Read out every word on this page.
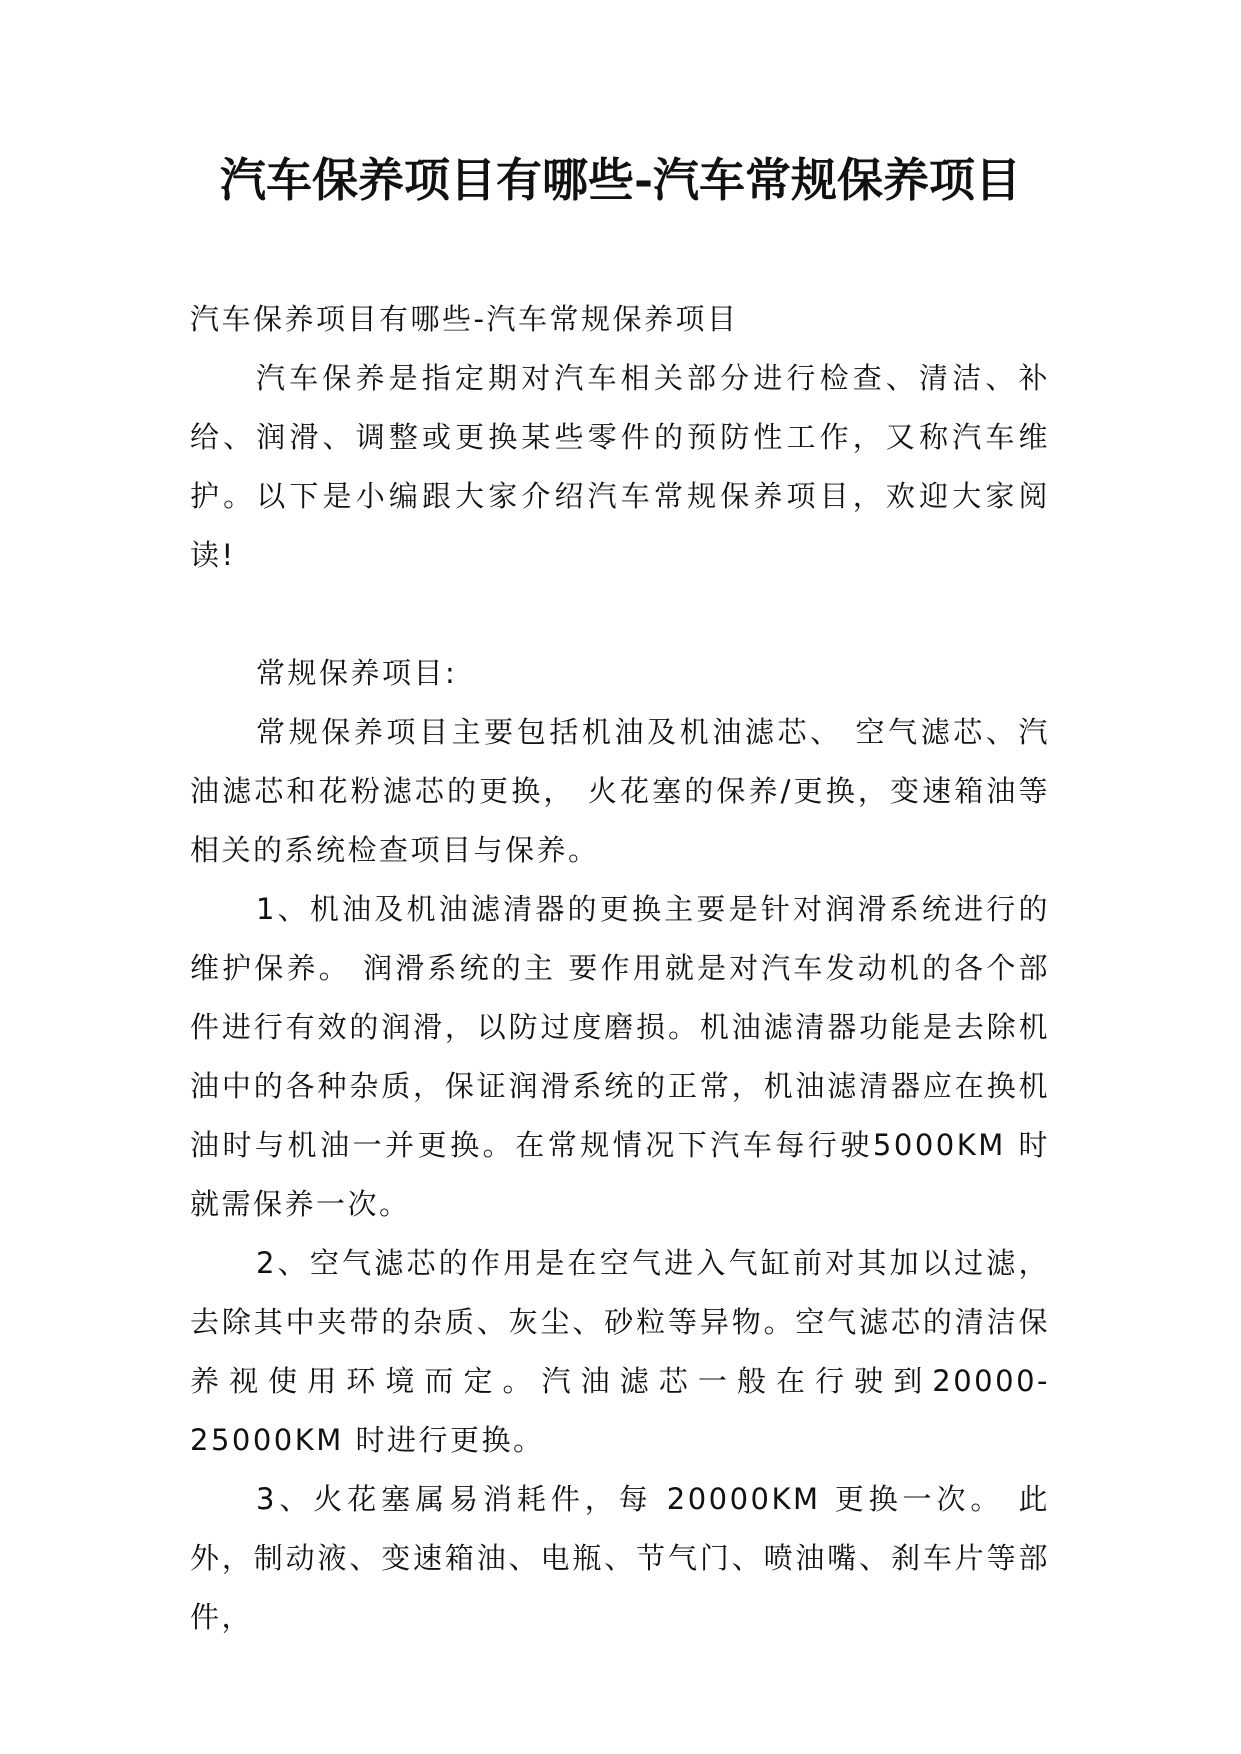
汽车保养项目有哪些-汽车常规保养项目

汽车保养项目有哪些-汽车常规保养项目

汽车保养是指定期对汽车相关部分进行检查、清洁、补给、润滑、调整或更换某些零件的预防性工作，又称汽车维护。以下是小编跟大家介绍汽车常规保养项目，欢迎大家阅读!

常规保养项目:

常规保养项目主要包括机油及机油滤芯、 空气滤芯、汽油滤芯和花粉滤芯的更换， 火花塞的保养/更换，变速箱油等相关的系统检查项目与保养。

1、机油及机油滤清器的更换主要是针对润滑系统进行的维护保养。 润滑系统的主 要作用就是对汽车发动机的各个部件进行有效的润滑，以防过度磨损。机油滤清器功能是去除机油中的各种杂质，保证润滑系统的正常，机油滤清器应在换机油时与机油一并更换。在常规情况下汽车每行驶5000KM 时就需保养一次。

2、空气滤芯的作用是在空气进入气缸前对其加以过滤，去除其中夹带的杂质、灰尘、砂粒等异物。空气滤芯的清洁保养视使用环境而定。汽油滤芯一般在行驶到20000-25000KM 时进行更换。

3、火花塞属易消耗件，每 20000KM 更换一次。 此外，制动液、变速箱油、电瓶、节气门、喷油嘴、刹车片等部件，
